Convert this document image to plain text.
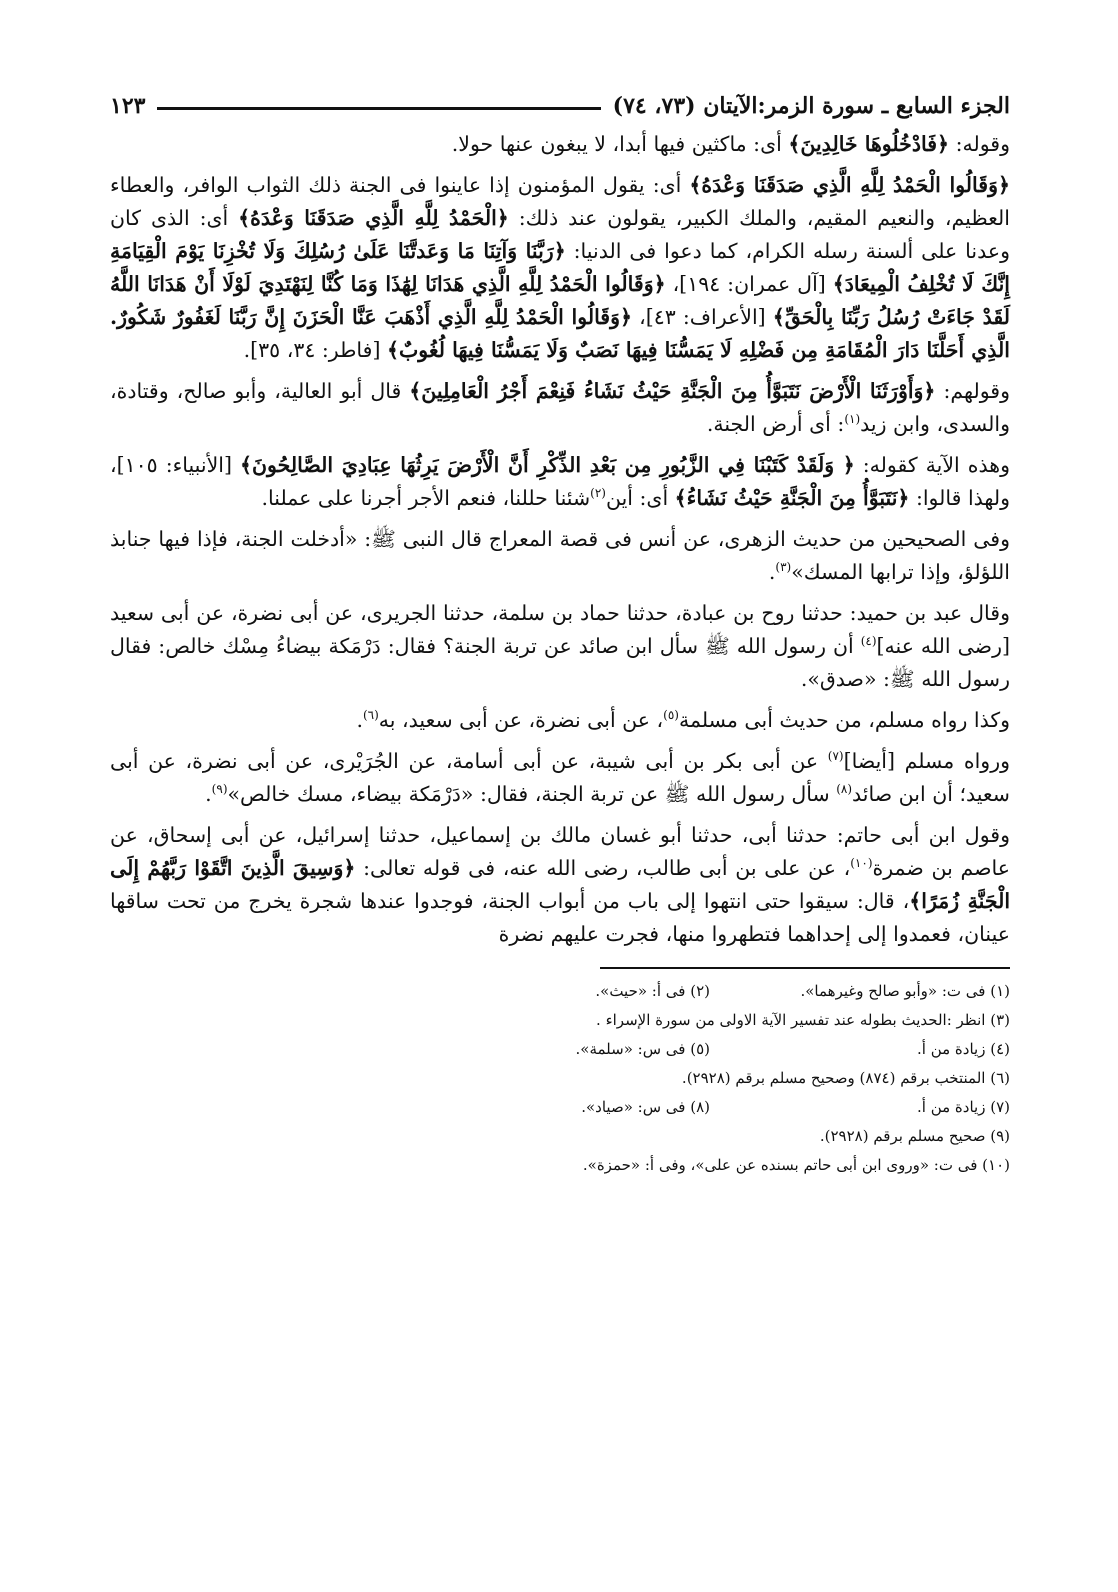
الجزء السابع ـ سورة الزمر:الآيتان (٧٣، ٧٤)
١٢٣

وقوله: ﴿فَادْخُلُوهَا خَالِدِينَ﴾ أى: ماكثين فيها أبدا، لا يبغون عنها حولا.

﴿وَقَالُوا الْحَمْدُ لِلَّهِ الَّذِي صَدَقَنَا وَعْدَهُ﴾ أى: يقول المؤمنون إذا عاينوا فى الجنة ذلك الثواب الوافر، والعطاء العظيم، والنعيم المقيم، والملك الكبير، يقولون عند ذلك: ﴿الْحَمْدُ لِلَّهِ الَّذِي صَدَقَنَا وَعْدَهُ﴾ أى: الذى كان وعدنا على ألسنة رسله الكرام، كما دعوا فى الدنيا: ﴿رَبَّنَا وَآتِنَا مَا وَعَدتَّنَا عَلَىٰ رُسُلِكَ وَلَا تُخْزِنَا يَوْمَ الْقِيَامَةِ إِنَّكَ لَا تُخْلِفُ الْمِيعَادَ﴾ [آل عمران: ١٩٤]، ﴿وَقَالُوا الْحَمْدُ لِلَّهِ الَّذِي هَدَانَا لِهَٰذَا وَمَا كُنَّا لِنَهْتَدِيَ لَوْلَا أَنْ هَدَانَا اللَّهُ لَقَدْ جَاءَتْ رُسُلُ رَبِّنَا بِالْحَقِّ﴾ [الأعراف: ٤٣]، ﴿وَقَالُوا الْحَمْدُ لِلَّهِ الَّذِي أَذْهَبَ عَنَّا الْحَزَنَ إِنَّ رَبَّنَا لَغَفُورٌ شَكُورٌ. الَّذِي أَحَلَّنَا دَارَ الْمُقَامَةِ مِن فَضْلِهِ لَا يَمَسُّنَا فِيهَا نَصَبٌ وَلَا يَمَسُّنَا فِيهَا لُغُوبٌ﴾ [فاطر: ٣٤، ٣٥].

وقولهم: ﴿وَأَوْرَثَنَا الْأَرْضَ نَتَبَوَّأُ مِنَ الْجَنَّةِ حَيْثُ نَشَاءُ فَنِعْمَ أَجْرُ الْعَامِلِينَ﴾ قال أبو العالية، وأبو صالح، وقتادة، والسدى، وابن زيد$^{(١)}$: أى أرض الجنة.

وهذه الآية كقوله: ﴿ وَلَقَدْ كَتَبْنَا فِي الزَّبُورِ مِن بَعْدِ الذِّكْرِ أَنَّ الْأَرْضَ يَرِثُهَا عِبَادِيَ الصَّالِحُونَ﴾ [الأنبياء: ١٠٥]، ولهذا قالوا: ﴿نَتَبَوَّأُ مِنَ الْجَنَّةِ حَيْثُ نَشَاءُ﴾ أى: أين$^{(٢)}$شئنا حللنا، فنعم الأجر أجرنا على عملنا.

وفى الصحيحين من حديث الزهرى، عن أنس فى قصة المعراج قال النبى ﷺ: «أدخلت الجنة، فإذا فيها جنابذ اللؤلؤ، وإذا ترابها المسك»$^{(٣)}$.

وقال عبد بن حميد: حدثنا روح بن عبادة، حدثنا حماد بن سلمة، حدثنا الجريرى، عن أبى نضرة، عن أبى سعيد [رضى الله عنه]$^{(٤)}$ أن رسول الله ﷺ سأل ابن صائد عن تربة الجنة؟ فقال: دَرْمَكة بيضاءُ مِسْك خالص: فقال رسول الله ﷺ: «صدق».

وكذا رواه مسلم، من حديث أبى مسلمة$^{(٥)}$، عن أبى نضرة، عن أبى سعيد، به$^{(٦)}$.

ورواه مسلم [أيضا]$^{(٧)}$ عن أبى بكر بن أبى شيبة، عن أبى أسامة، عن الجُرَيْرى، عن أبى نضرة، عن أبى سعيد؛ أن ابن صائد$^{(٨)}$ سأل رسول الله ﷺ عن تربة الجنة، فقال: «دَرْمَكة بيضاء، مسك خالص»$^{(٩)}$.

وقول ابن أبى حاتم: حدثنا أبى، حدثنا أبو غسان مالك بن إسماعيل، حدثنا إسرائيل، عن أبى إسحاق، عن عاصم بن ضمرة$^{(١٠)}$، عن على بن أبى طالب، رضى الله عنه، فى قوله تعالى: ﴿وَسِيقَ الَّذِينَ اتَّقَوْا رَبَّهُمْ إِلَى الْجَنَّةِ زُمَرًا﴾، قال: سيقوا حتى انتهوا إلى باب من أبواب الجنة، فوجدوا عندها شجرة يخرج من تحت ساقها عينان، فعمدوا إلى إحداهما فتطهروا منها، فجرت عليهم نضرة

(١) فى ت: «وأبو صالح وغيرهما».
(٢) فى أ: «حيث».
(٣) انظر :الحديث بطوله عند تفسير الآية الاولى من سورة الإسراء .
(٤) زيادة من أ.
(٥) فى س: «سلمة».
(٦) المنتخب برقم (٨٧٤) وصحيح مسلم برقم (٢٩٢٨).
(٧) زيادة من أ.
(٨) فى س: «صياد».
(٩) صحيح مسلم برقم (٢٩٢٨).
(١٠) فى ت: «وروى ابن أبى حاتم بسنده عن على»، وفى أ: «حمزة».
